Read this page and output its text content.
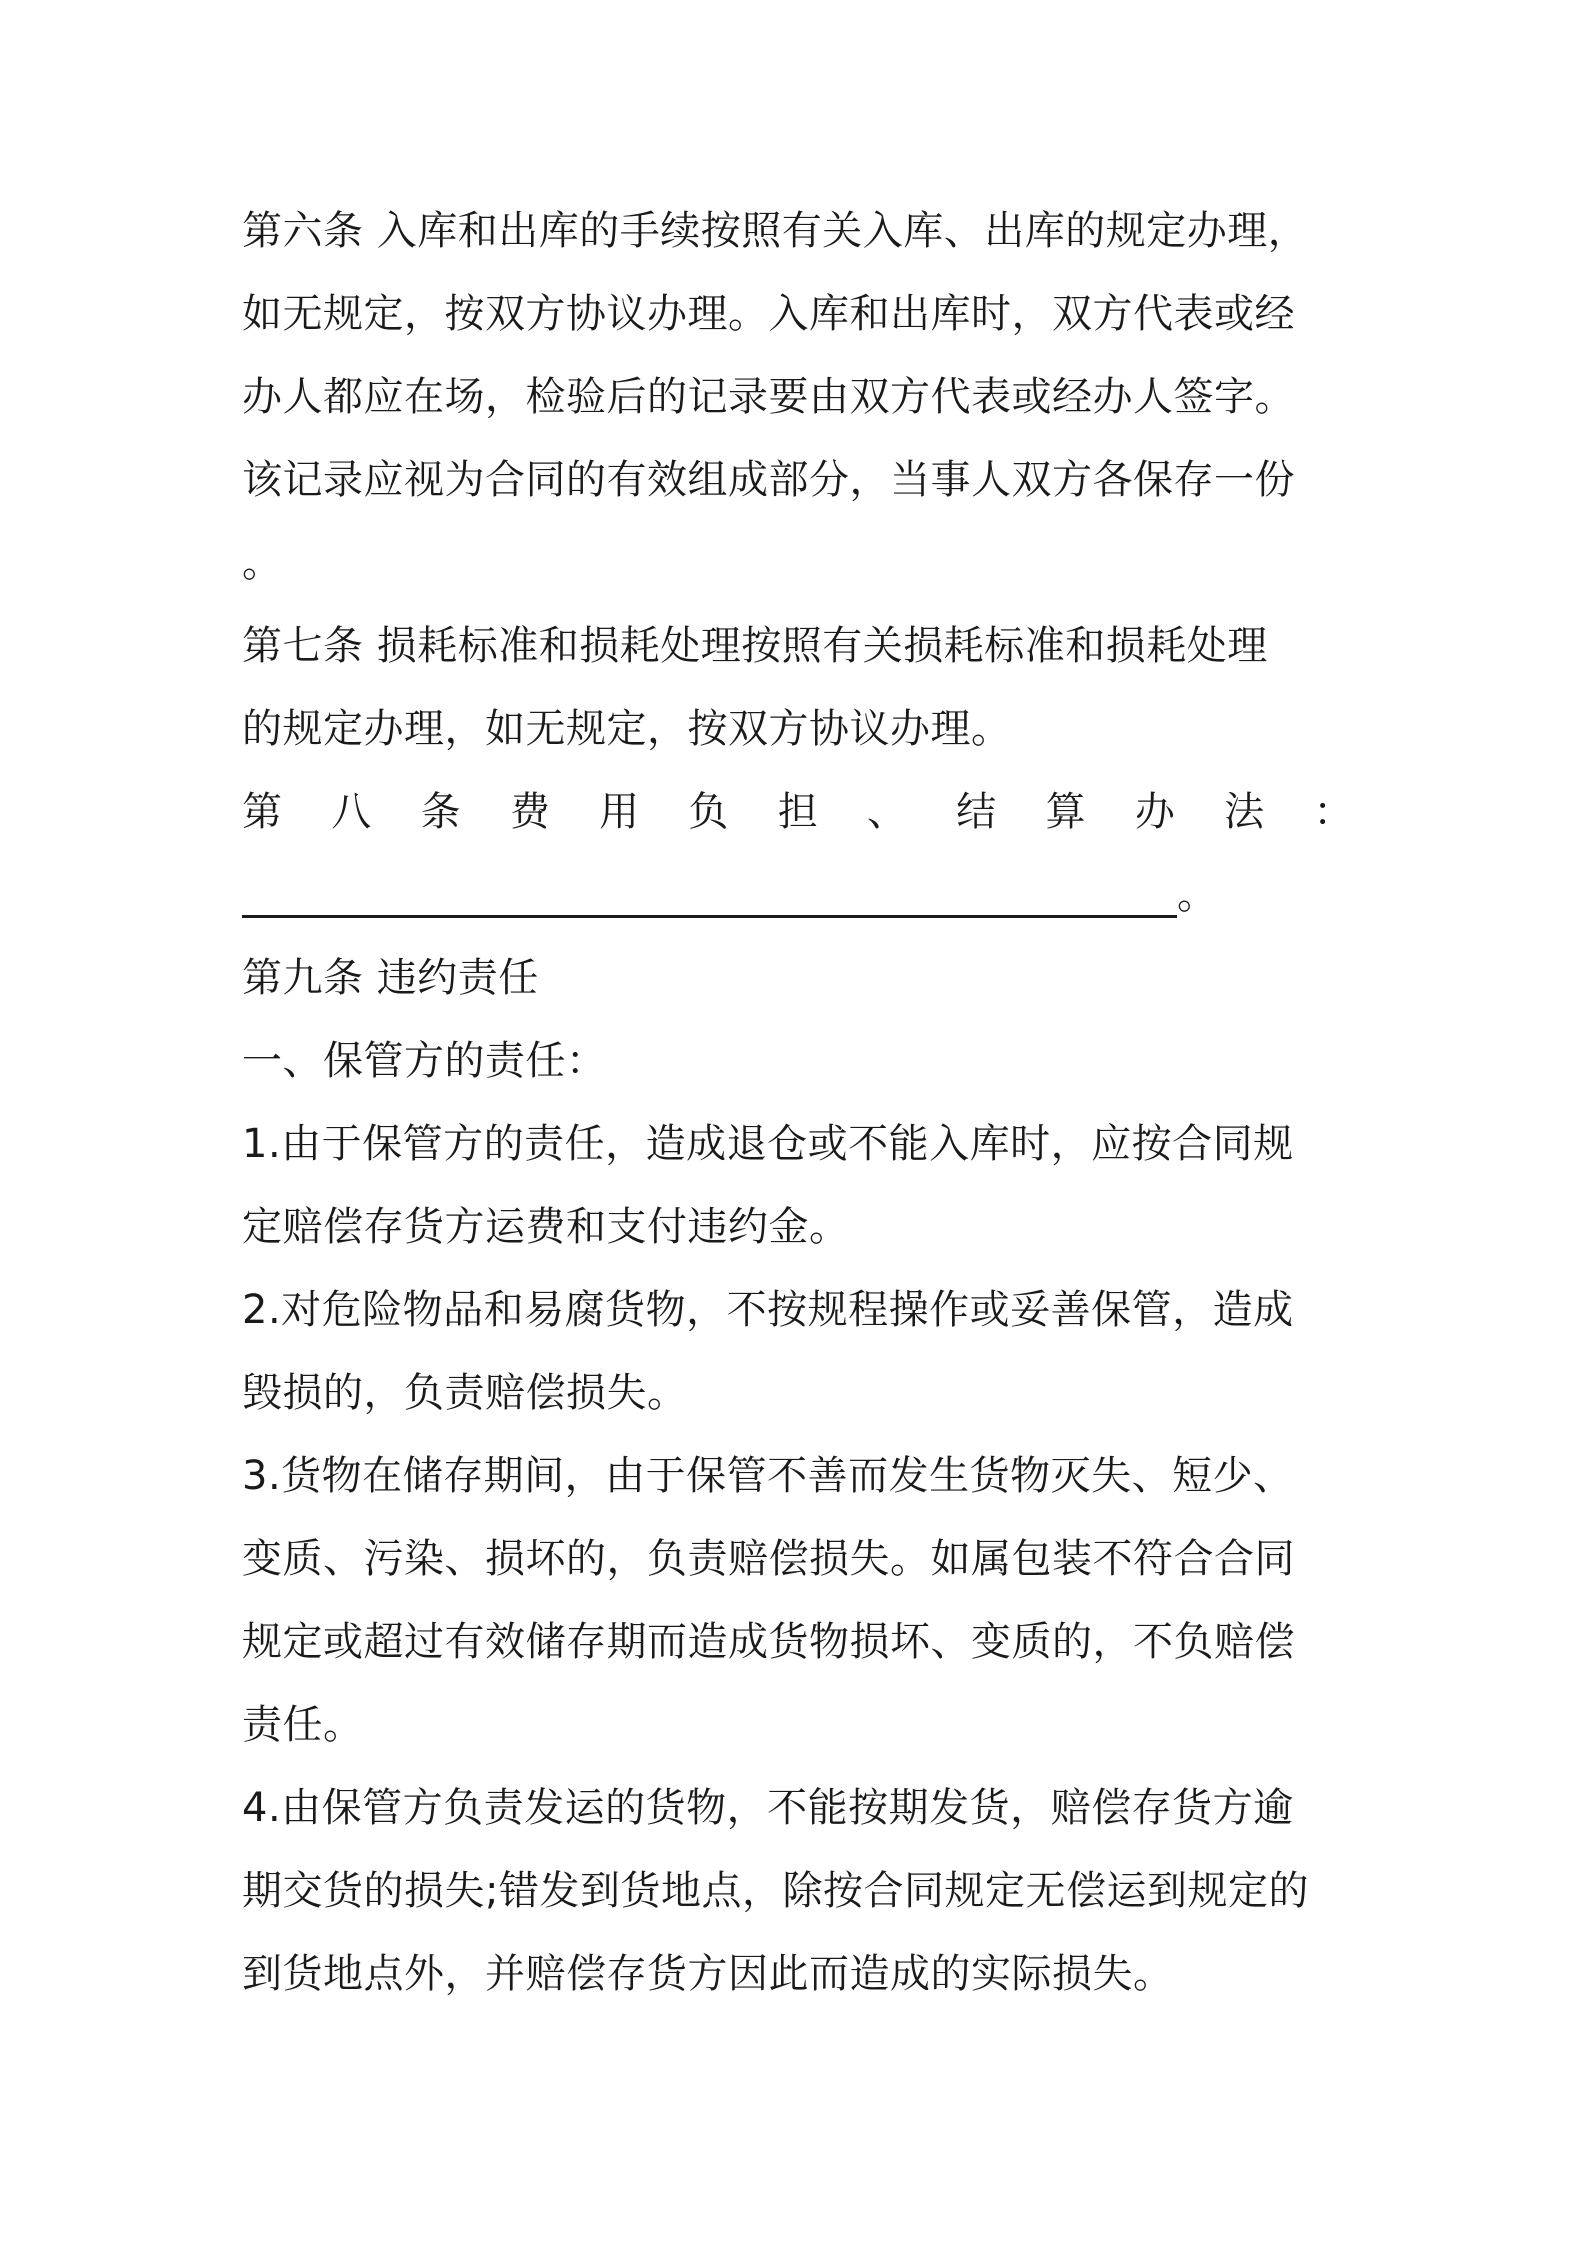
第六条 入库和出库的手续按照有关入库、出库的规定办理，
如无规定，按双方协议办理。入库和出库时，双方代表或经
办人都应在场，检验后的记录要由双方代表或经办人签字。
该记录应视为合同的有效组成部分，当事人双方各保存一份
。
第七条 损耗标准和损耗处理按照有关损耗标准和损耗处理
的规定办理，如无规定，按双方协议办理。
第 八 条 费 用 负 担 、 结 算 办 法 ：
。
第九条 违约责任
一、保管方的责任：
1.由于保管方的责任，造成退仓或不能入库时，应按合同规
定赔偿存货方运费和支付违约金。
2.对危险物品和易腐货物，不按规程操作或妥善保管，造成
毁损的，负责赔偿损失。
3.货物在储存期间，由于保管不善而发生货物灭失、短少、
变质、污染、损坏的，负责赔偿损失。如属包装不符合合同
规定或超过有效储存期而造成货物损坏、变质的，不负赔偿
责任。
4.由保管方负责发运的货物，不能按期发货，赔偿存货方逾
期交货的损失;错发到货地点，除按合同规定无偿运到规定的
到货地点外，并赔偿存货方因此而造成的实际损失。
